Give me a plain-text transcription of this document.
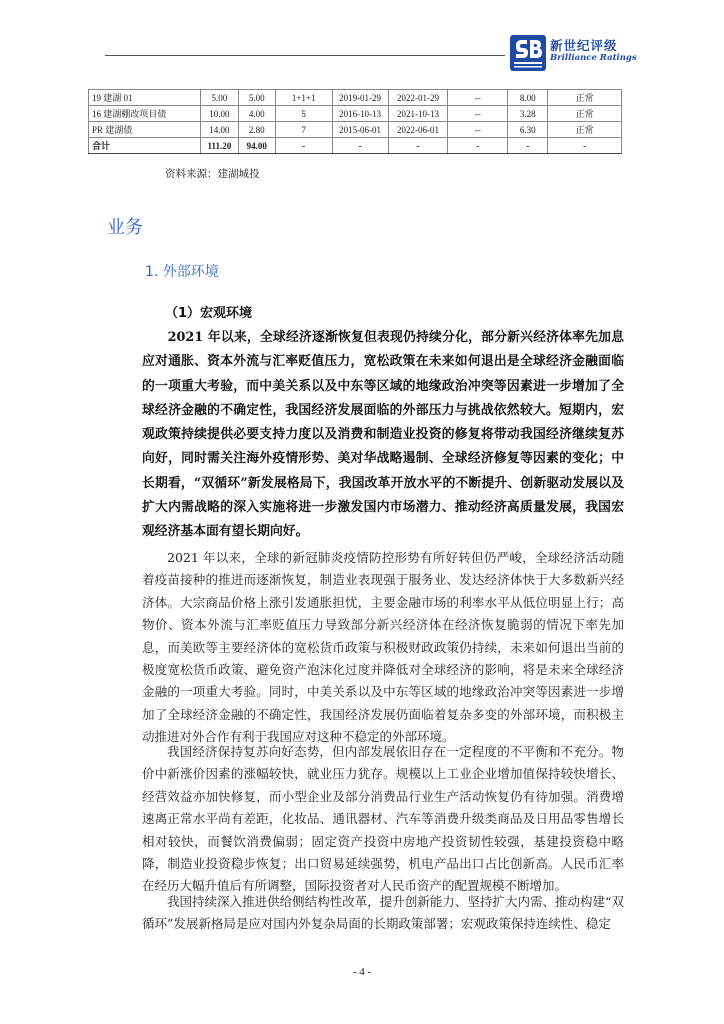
新世纪评级
Brilliance Ratings
19 建湖 01	5.00	5.00	1+1+1	2019-01-29	2022-01-29	--	8.00	正常
16 建湖棚改项目债	10.00	4.00	5	2016-10-13	2021-10-13	--	3.28	正常
PR 建湖债	14.00	2.80	7	2015-06-01	2022-06-01	--	6.30	正常
合计	111.20	94.00	-	-	-	-	-	-
资料来源：建湖城投
业务
1. 外部环境
（1）宏观环境

2021 年以来，全球经济逐渐恢复但表现仍持续分化，部分新兴经济体率先加息应对通胀、资本外流与汇率贬值压力，宽松政策在未来如何退出是全球经济金融面临的一项重大考验，而中美关系以及中东等区域的地缘政治冲突等因素进一步增加了全球经济金融的不确定性，我国经济发展面临的外部压力与挑战依然较大。短期内，宏观政策持续提供必要支持力度以及消费和制造业投资的修复将带动我国经济继续复苏向好，同时需关注海外疫情形势、美对华战略遏制、全球经济修复等因素的变化；中长期看，“双循环”新发展格局下，我国改革开放水平的不断提升、创新驱动发展以及扩大内需战略的深入实施将进一步激发国内市场潜力、推动经济高质量发展，我国宏观经济基本面有望长期向好。

2021 年以来，全球的新冠肺炎疫情防控形势有所好转但仍严峻，全球经济活动随着疫苗接种的推进而逐渐恢复，制造业表现强于服务业、发达经济体快于大多数新兴经济体。大宗商品价格上涨引发通胀担忧，主要金融市场的利率水平从低位明显上行；高物价、资本外流与汇率贬值压力导致部分新兴经济体在经济恢复脆弱的情况下率先加息，而美欧等主要经济体的宽松货币政策与积极财政政策仍持续，未来如何退出当前的极度宽松货币政策、避免资产泡沫化过度并降低对全球经济的影响，将是未来全球经济金融的一项重大考验。同时，中美关系以及中东等区域的地缘政治冲突等因素进一步增加了全球经济金融的不确定性，我国经济发展仍面临着复杂多变的外部环境，而积极主动推进对外合作有利于我国应对这种不稳定的外部环境。

我国经济保持复苏向好态势，但内部发展依旧存在一定程度的不平衡和不充分。物价中新涨价因素的涨幅较快，就业压力犹存。规模以上工业企业增加值保持较快增长、经营效益亦加快修复，而小型企业及部分消费品行业生产活动恢复仍有待加强。消费增速离正常水平尚有差距，化妆品、通讯器材、汽车等消费升级类商品及日用品零售增长相对较快，而餐饮消费偏弱；固定资产投资中房地产投资韧性较强，基建投资稳中略降，制造业投资稳步恢复；出口贸易延续强势，机电产品出口占比创新高。人民币汇率在经历大幅升值后有所调整，国际投资者对人民币资产的配置规模不断增加。

我国持续深入推进供给侧结构性改革，提升创新能力、坚持扩大内需、推动构建“双循环”发展新格局是应对国内外复杂局面的长期政策部署；宏观政策保持连续性、稳定

- 4 -
